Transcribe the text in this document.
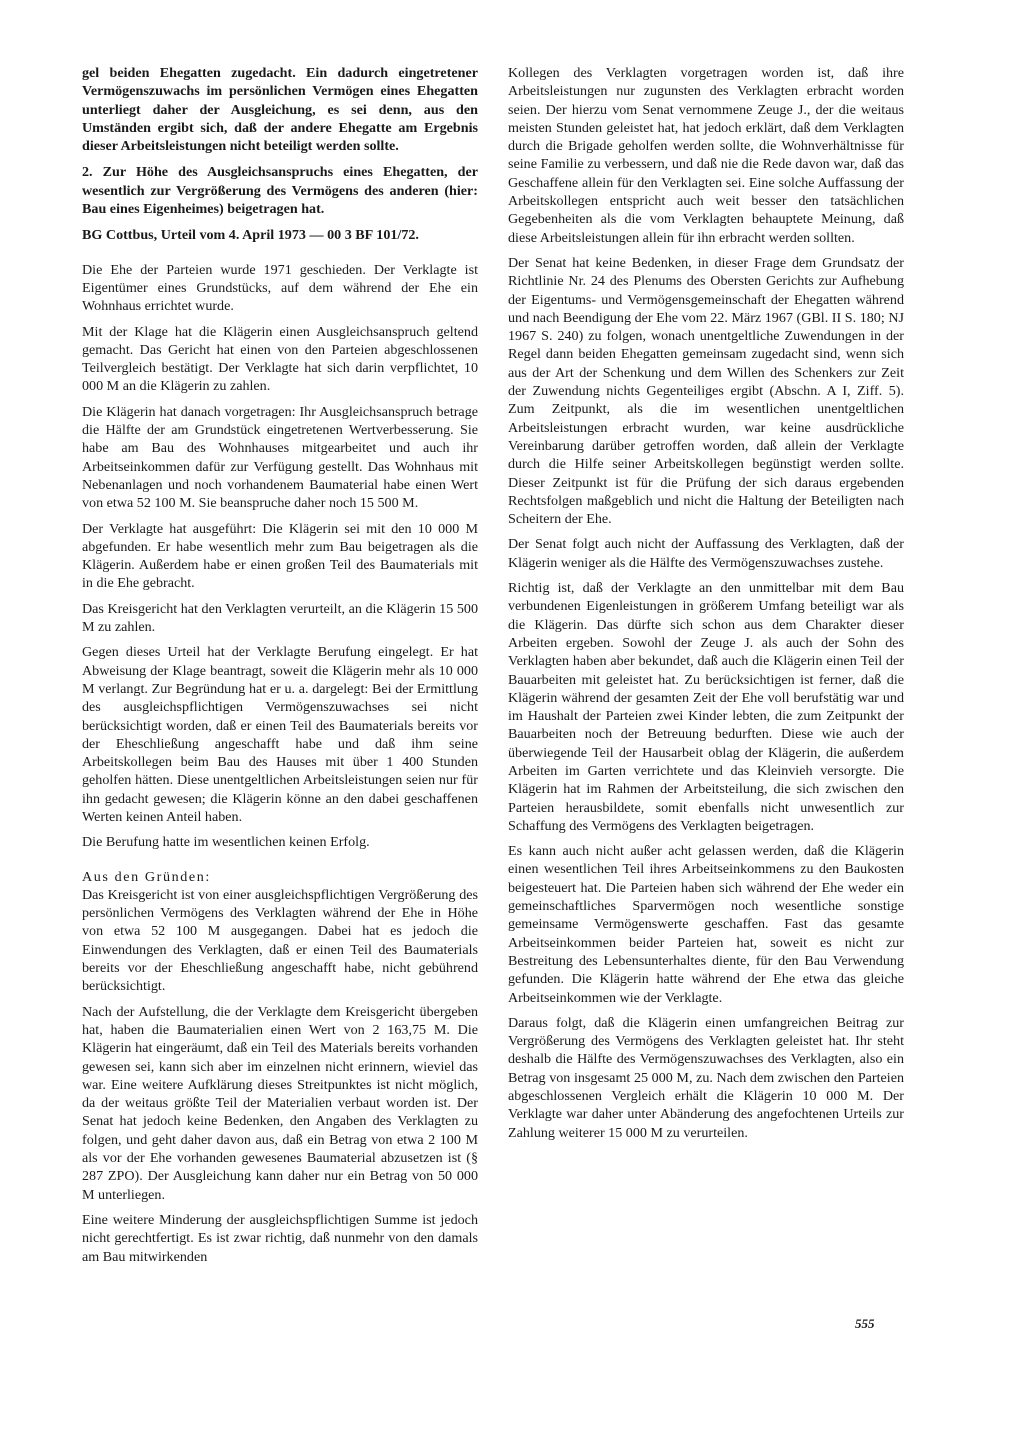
gel beiden Ehegatten zugedacht. Ein dadurch eingetretener Vermögenszuwachs im persönlichen Vermögen eines Ehegatten unterliegt daher der Ausgleichung, es sei denn, aus den Umständen ergibt sich, daß der andere Ehegatte am Ergebnis dieser Arbeitsleistungen nicht beteiligt werden sollte.

2. Zur Höhe des Ausgleichsanspruchs eines Ehegatten, der wesentlich zur Vergrößerung des Vermögens des anderen (hier: Bau eines Eigenheimes) beigetragen hat.

BG Cottbus, Urteil vom 4. April 1973 — 00 3 BF 101/72.

Die Ehe der Parteien wurde 1971 geschieden. Der Verklagte ist Eigentümer eines Grundstücks, auf dem während der Ehe ein Wohnhaus errichtet wurde.

Mit der Klage hat die Klägerin einen Ausgleichsanspruch geltend gemacht. Das Gericht hat einen von den Parteien abgeschlossenen Teilvergleich bestätigt. Der Verklagte hat sich darin verpflichtet, 10 000 M an die Klägerin zu zahlen.

Die Klägerin hat danach vorgetragen: Ihr Ausgleichsanspruch betrage die Hälfte der am Grundstück eingetretenen Wertverbesserung. Sie habe am Bau des Wohnhauses mitgearbeitet und auch ihr Arbeitseinkommen dafür zur Verfügung gestellt. Das Wohnhaus mit Nebenanlagen und noch vorhandenem Baumaterial habe einen Wert von etwa 52 100 M. Sie beanspruche daher noch 15 500 M.

Der Verklagte hat ausgeführt: Die Klägerin sei mit den 10 000 M abgefunden. Er habe wesentlich mehr zum Bau beigetragen als die Klägerin. Außerdem habe er einen großen Teil des Baumaterials mit in die Ehe gebracht.

Das Kreisgericht hat den Verklagten verurteilt, an die Klägerin 15 500 M zu zahlen.

Gegen dieses Urteil hat der Verklagte Berufung eingelegt. Er hat Abweisung der Klage beantragt, soweit die Klägerin mehr als 10 000 M verlangt. Zur Begründung hat er u. a. dargelegt: Bei der Ermittlung des ausgleichspflichtigen Vermögenszuwachses sei nicht berücksichtigt worden, daß er einen Teil des Baumaterials bereits vor der Eheschließung angeschafft habe und daß ihm seine Arbeitskollegen beim Bau des Hauses mit über 1 400 Stunden geholfen hätten. Diese unentgeltlichen Arbeitsleistungen seien nur für ihn gedacht gewesen; die Klägerin könne an den dabei geschaffenen Werten keinen Anteil haben.

Die Berufung hatte im wesentlichen keinen Erfolg.

Aus den Gründen:

Das Kreisgericht ist von einer ausgleichspflichtigen Vergrößerung des persönlichen Vermögens des Verklagten während der Ehe in Höhe von etwa 52 100 M ausgegangen. Dabei hat es jedoch die Einwendungen des Verklagten, daß er einen Teil des Baumaterials bereits vor der Eheschließung angeschafft habe, nicht gebührend berücksichtigt.

Nach der Aufstellung, die der Verklagte dem Kreisgericht übergeben hat, haben die Baumaterialien einen Wert von 2 163,75 M. Die Klägerin hat eingeräumt, daß ein Teil des Materials bereits vorhanden gewesen sei, kann sich aber im einzelnen nicht erinnern, wieviel das war. Eine weitere Aufklärung dieses Streitpunktes ist nicht möglich, da der weitaus größte Teil der Materialien verbaut worden ist. Der Senat hat jedoch keine Bedenken, den Angaben des Verklagten zu folgen, und geht daher davon aus, daß ein Betrag von etwa 2 100 M als vor der Ehe vorhanden gewesenes Baumaterial abzusetzen ist (§ 287 ZPO). Der Ausgleichung kann daher nur ein Betrag von 50 000 M unterliegen.

Eine weitere Minderung der ausgleichspflichtigen Summe ist jedoch nicht gerechtfertigt. Es ist zwar richtig, daß nunmehr von den damals am Bau mitwirkenden

Kollegen des Verklagten vorgetragen worden ist, daß ihre Arbeitsleistungen nur zugunsten des Verklagten erbracht worden seien. Der hierzu vom Senat vernommene Zeuge J., der die weitaus meisten Stunden geleistet hat, hat jedoch erklärt, daß dem Verklagten durch die Brigade geholfen werden sollte, die Wohnverhältnisse für seine Familie zu verbessern, und daß nie die Rede davon war, daß das Geschaffene allein für den Verklagten sei. Eine solche Auffassung der Arbeitskollegen entspricht auch weit besser den tatsächlichen Gegebenheiten als die vom Verklagten behauptete Meinung, daß diese Arbeitsleistungen allein für ihn erbracht werden sollten.

Der Senat hat keine Bedenken, in dieser Frage dem Grundsatz der Richtlinie Nr. 24 des Plenums des Obersten Gerichts zur Aufhebung der Eigentums- und Vermögensgemeinschaft der Ehegatten während und nach Beendigung der Ehe vom 22. März 1967 (GBl. II S. 180; NJ 1967 S. 240) zu folgen, wonach unentgeltliche Zuwendungen in der Regel dann beiden Ehegatten gemeinsam zugedacht sind, wenn sich aus der Art der Schenkung und dem Willen des Schenkers zur Zeit der Zuwendung nichts Gegenteiliges ergibt (Abschn. A I, Ziff. 5). Zum Zeitpunkt, als die im wesentlichen unentgeltlichen Arbeitsleistungen erbracht wurden, war keine ausdrückliche Vereinbarung darüber getroffen worden, daß allein der Verklagte durch die Hilfe seiner Arbeitskollegen begünstigt werden sollte. Dieser Zeitpunkt ist für die Prüfung der sich daraus ergebenden Rechtsfolgen maßgeblich und nicht die Haltung der Beteiligten nach Scheitern der Ehe.

Der Senat folgt auch nicht der Auffassung des Verklagten, daß der Klägerin weniger als die Hälfte des Vermögenszuwachses zustehe.

Richtig ist, daß der Verklagte an den unmittelbar mit dem Bau verbundenen Eigenleistungen in größerem Umfang beteiligt war als die Klägerin. Das dürfte sich schon aus dem Charakter dieser Arbeiten ergeben. Sowohl der Zeuge J. als auch der Sohn des Verklagten haben aber bekundet, daß auch die Klägerin einen Teil der Bauarbeiten mit geleistet hat. Zu berücksichtigen ist ferner, daß die Klägerin während der gesamten Zeit der Ehe voll berufstätig war und im Haushalt der Parteien zwei Kinder lebten, die zum Zeitpunkt der Bauarbeiten noch der Betreuung bedurften. Diese wie auch der überwiegende Teil der Hausarbeit oblag der Klägerin, die außerdem Arbeiten im Garten verrichtete und das Kleinvieh versorgte. Die Klägerin hat im Rahmen der Arbeitsteilung, die sich zwischen den Parteien herausbildete, somit ebenfalls nicht unwesentlich zur Schaffung des Vermögens des Verklagten beigetragen.

Es kann auch nicht außer acht gelassen werden, daß die Klägerin einen wesentlichen Teil ihres Arbeitseinkommens zu den Baukosten beigesteuert hat. Die Parteien haben sich während der Ehe weder ein gemeinschaftliches Sparvermögen noch wesentliche sonstige gemeinsame Vermögenswerte geschaffen. Fast das gesamte Arbeitseinkommen beider Parteien hat, soweit es nicht zur Bestreitung des Lebensunterhaltes diente, für den Bau Verwendung gefunden. Die Klägerin hatte während der Ehe etwa das gleiche Arbeitseinkommen wie der Verklagte.

Daraus folgt, daß die Klägerin einen umfangreichen Beitrag zur Vergrößerung des Vermögens des Verklagten geleistet hat. Ihr steht deshalb die Hälfte des Vermögenszuwachses des Verklagten, also ein Betrag von insgesamt 25 000 M, zu. Nach dem zwischen den Parteien abgeschlossenen Vergleich erhält die Klägerin 10 000 M. Der Verklagte war daher unter Abänderung des angefochtenen Urteils zur Zahlung weiterer 15 000 M zu verurteilen.

555
